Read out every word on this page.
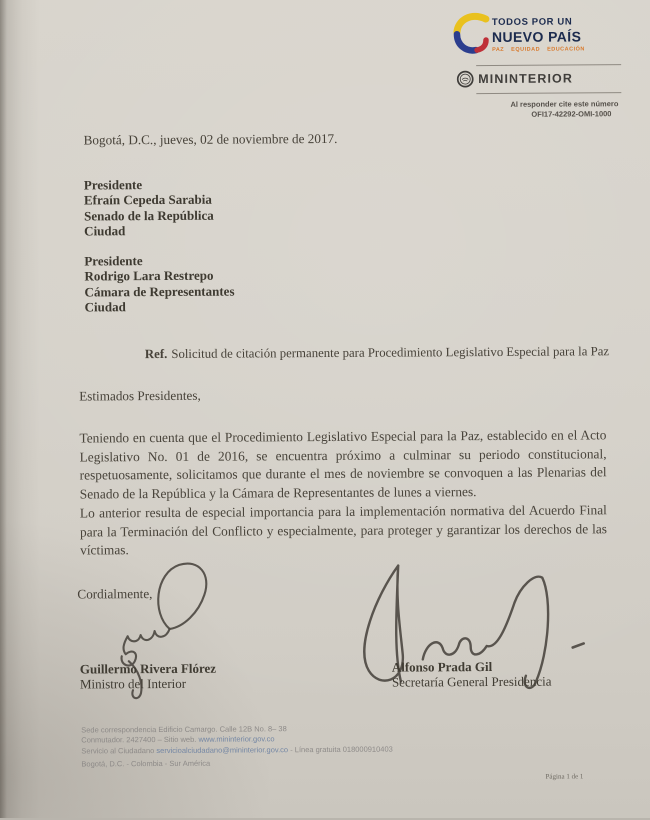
TODOS POR UN
NUEVO PAÍS
PAZ EQUIDAD EDUCACIÓN
MININTERIOR
Al responder cite este número
OFI17-42292-OMI-1000
Bogotá, D.C., jueves, 02 de noviembre de 2017.
Presidente
Efraín Cepeda Sarabia
Senado de la República
Ciudad
Presidente
Rodrigo Lara Restrepo
Cámara de Representantes
Ciudad
Ref. Solicitud de citación permanente para Procedimiento Legislativo Especial para la Paz
Estimados Presidentes,
Teniendo en cuenta que el Procedimiento Legislativo Especial para la Paz, establecido en el Acto Legislativo No. 01 de 2016, se encuentra próximo a culminar su periodo constitucional, respetuosamente, solicitamos que durante el mes de noviembre se convoquen a las Plenarias del Senado de la República y la Cámara de Representantes de lunes a viernes.
Lo anterior resulta de especial importancia para la implementación normativa del Acuerdo Final para la Terminación del Conflicto y especialmente, para proteger y garantizar los derechos de las víctimas.
Cordialmente,
Guillermo Rivera Flórez
Ministro del Interior
Alfonso Prada Gil
Secretaría General Presidencia
Sede correspondencia Edificio Camargo. Calle 12B No. 8– 38
Conmutador. 2427400 – Sitio web. www.mininterior.gov.co
Servicio al Ciudadano servicioalciudadano@mininterior.gov.co - Línea gratuita 018000910403
Bogotá, D.C. - Colombia - Sur América
Página 1 de 1
